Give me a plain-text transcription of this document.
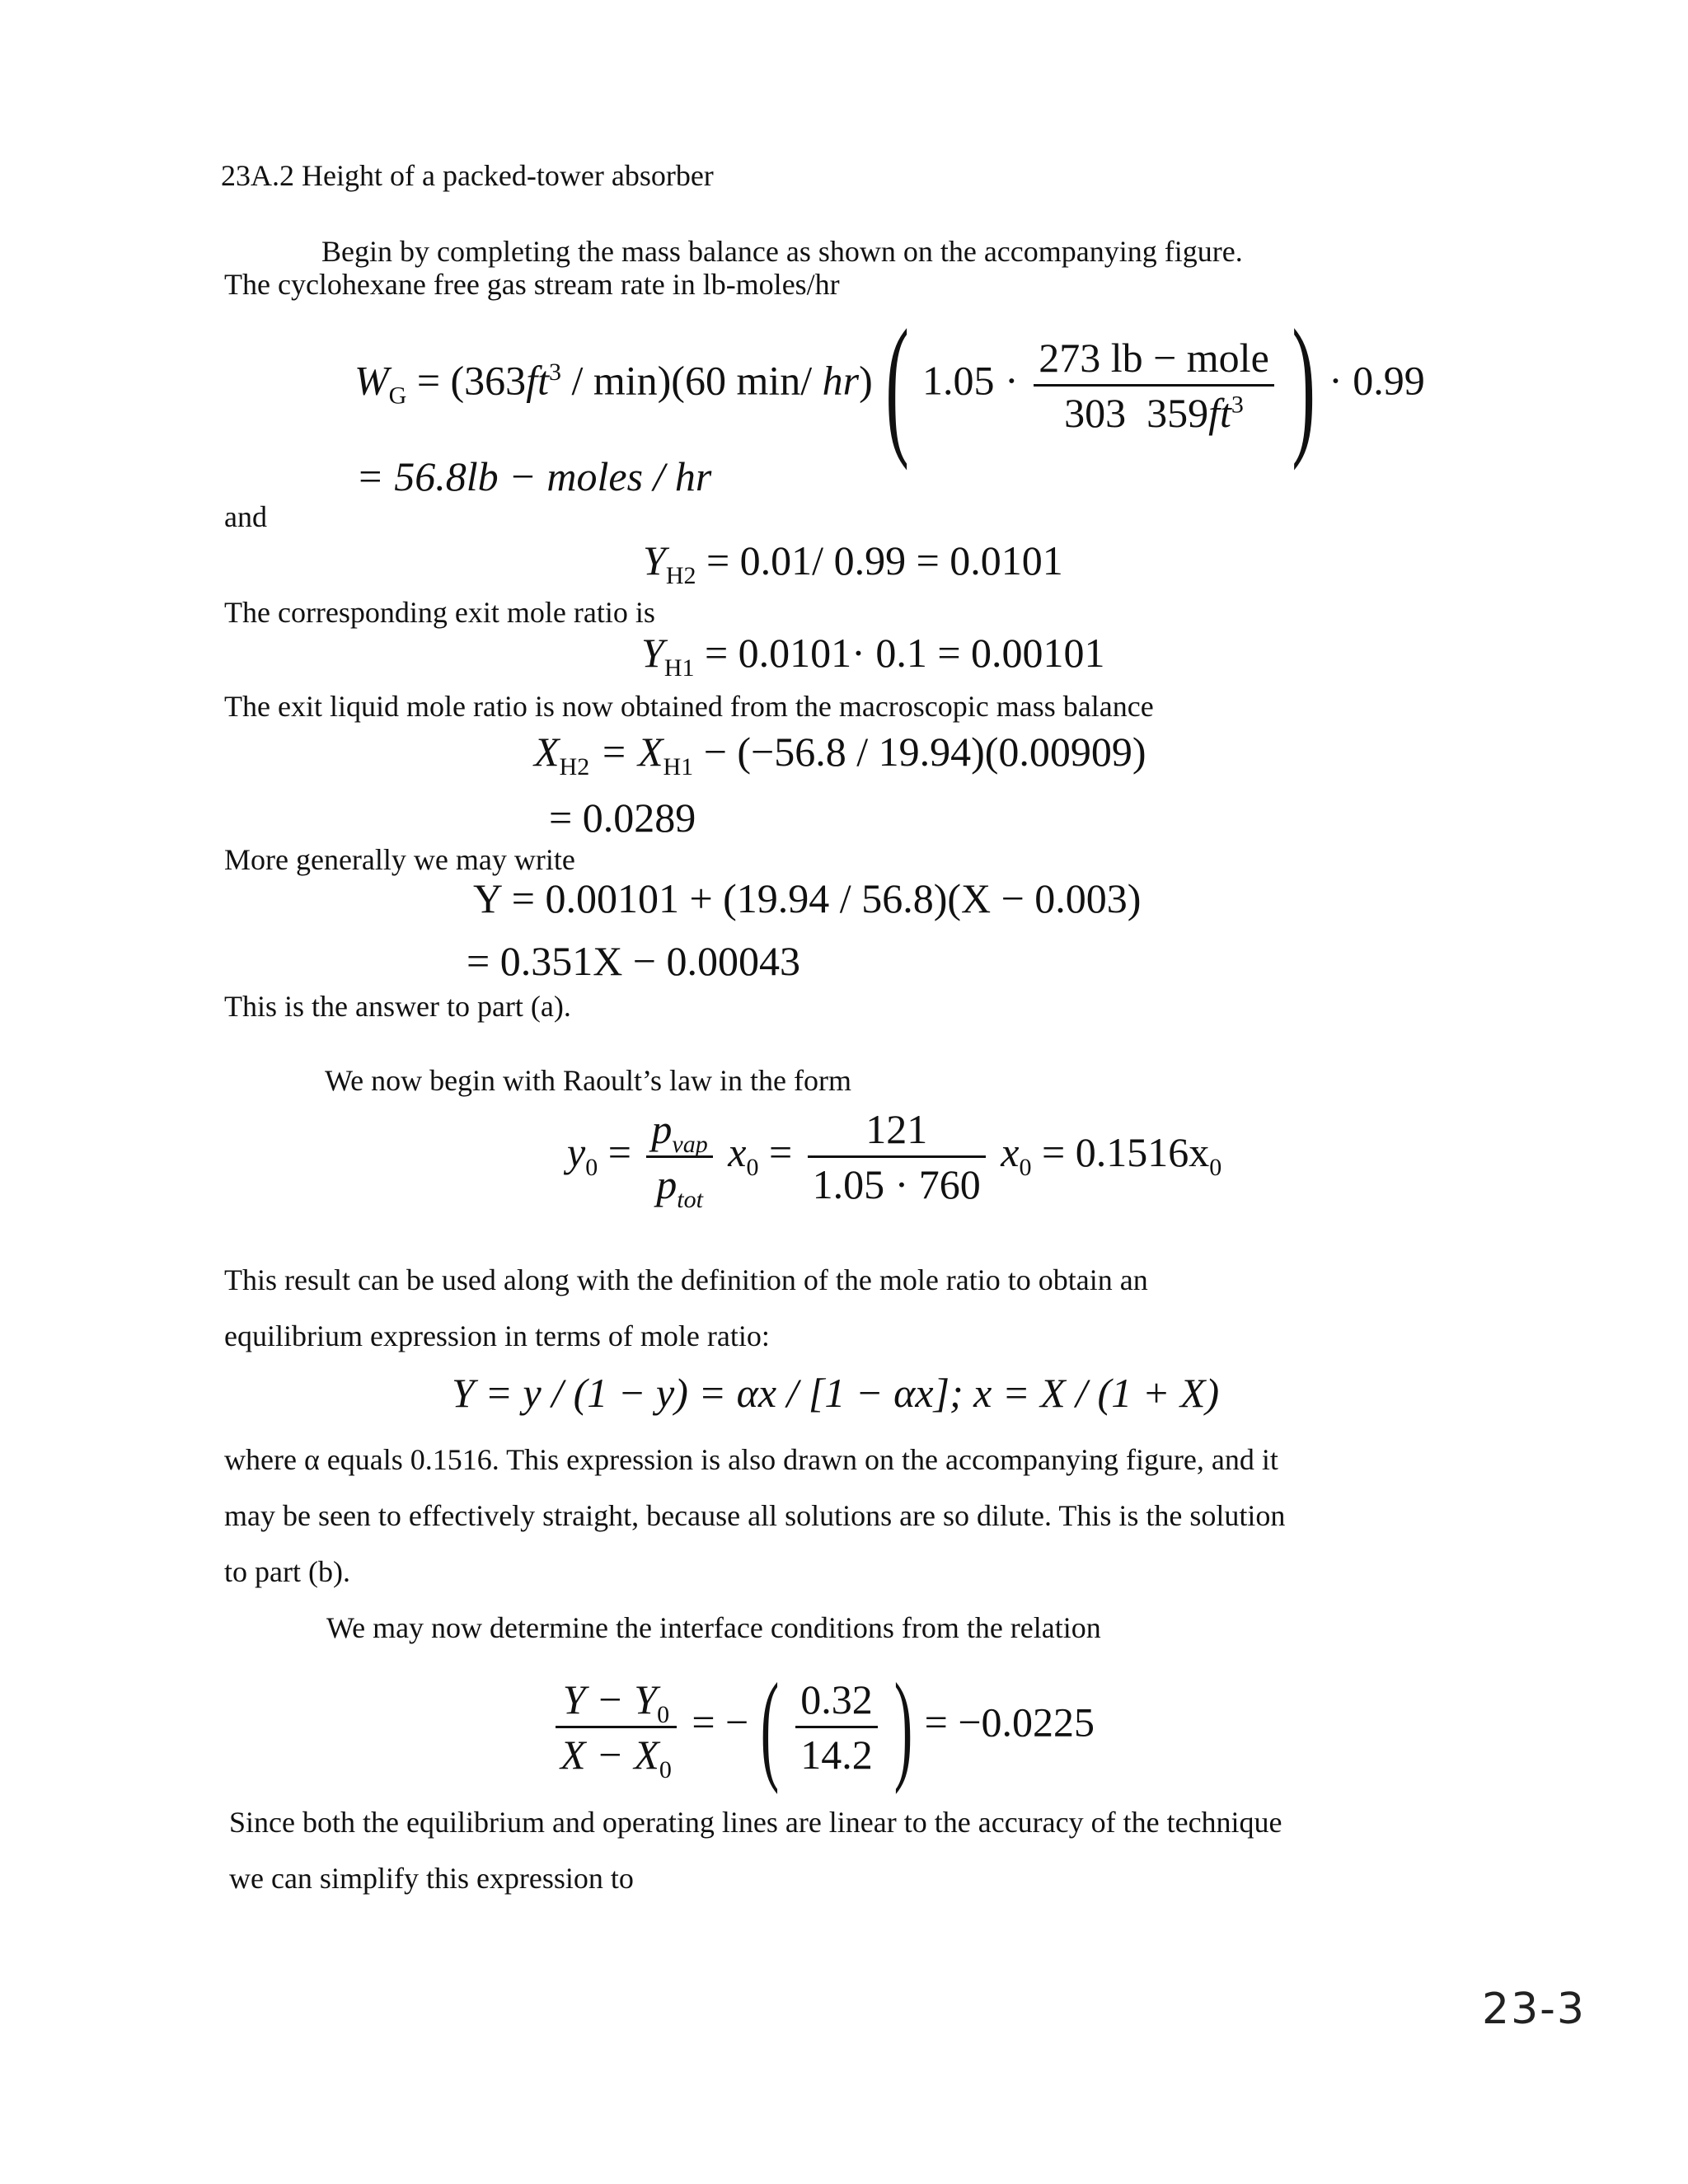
23A.2 Height of a packed-tower absorber
Begin by completing the mass balance as shown on the accompanying figure.
The cyclohexane free gas stream rate in lb-moles/hr
$W_G = (363ft^3 / \min)(60$ min/ hr) ( $1.05 \cdot \frac{\text{273 lb − mole}}{303 359ft^3}$ ) · 0.99
= 56.8lb − moles / hr
and
$Y_{H2} = 0.01/$ 0.99 = 0.0101
The corresponding exit mole ratio is
$Y_{H1} = 0.0101\cdot 0.1 = 0.00101$
The exit liquid mole ratio is now obtained from the macroscopic mass balance
$X_{H2} = X_{H1} - (-56.8 / 19.94)(0.00909)$
= 0.0289
More generally we may write
Y = 0.00101 + (19.94 / 56.8)(X − 0.003)
= 0.351X − 0.00043
This is the answer to part (a).
We now begin with Raoult’s law in the form
$y_0 = \frac{p_{vap}}{p_{tot}} x_0 = \frac{121}{1.05 \cdot 760} x_0 = 0.1516x_0$
This result can be used along with the definition of the mole ratio to obtain an
equilibrium expression in terms of mole ratio:
Y = y / (1 − y) = αx / [1 − αx]; x = X / (1 + X)
where α equals 0.1516. This expression is also drawn on the accompanying figure, and it
may be seen to effectively straight, because all solutions are so dilute. This is the solution
to part (b).
We may now determine the interface conditions from the relation
$\frac{Y - Y_0}{X - X_0}$ = − ( $\frac{0.32}{14.2}$ ) = −0.0225
Since both the equilibrium and operating lines are linear to the accuracy of the technique
we can simplify this expression to
23-3
